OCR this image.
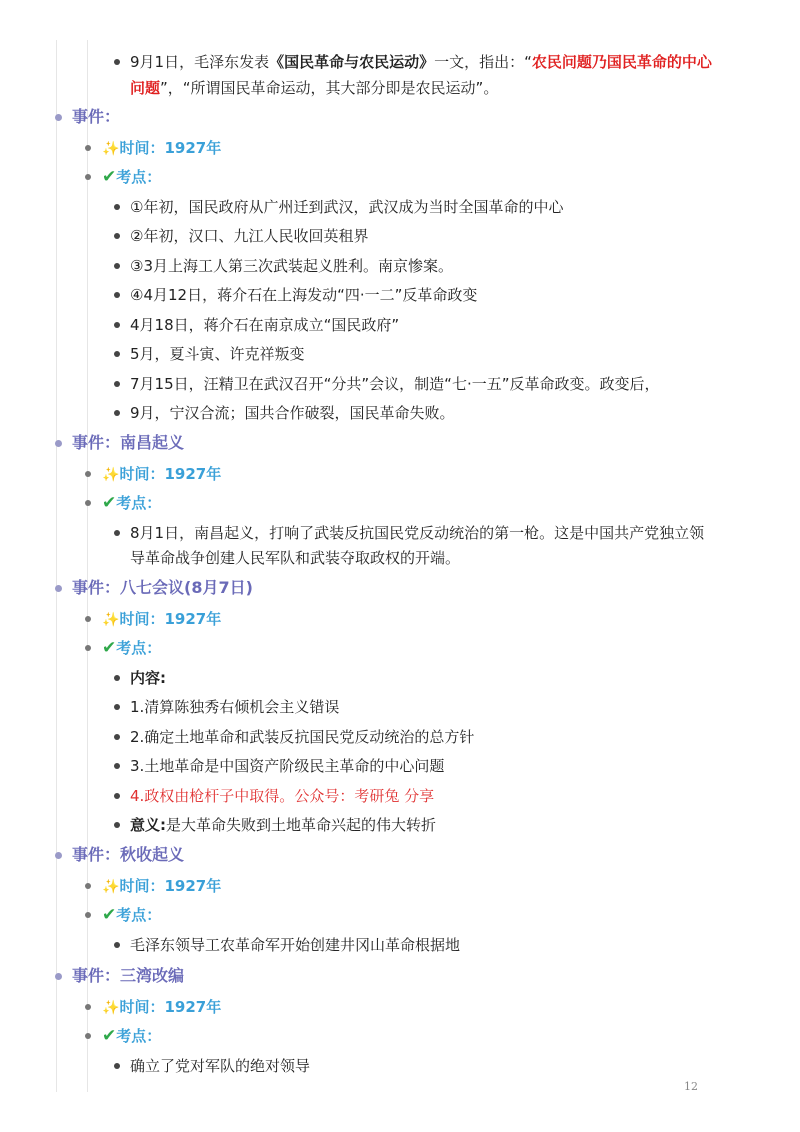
9月1日，毛泽东发表《国民革命与农民运动》一文，指出：“农民问题乃国民革命的中心
问题”，“所谓国民革命运动，其大部分即是农民运动”。
事件：
✨时间：1927年
✔考点：
①年初，国民政府从广州迁到武汉，武汉成为当时全国革命的中心
②年初，汉口、九江人民收回英租界
③3月上海工人第三次武装起义胜利。南京惨案。
④4月12日，蒋介石在上海发动“四·一二”反革命政变
4月18日，蒋介石在南京成立“国民政府”
5月，夏斗寅、许克祥叛变
7月15日，汪精卫在武汉召开“分共”会议，制造“七·一五”反革命政变。政变后，
9月，宁汉合流；国共合作破裂，国民革命失败。
事件：南昌起义
✨时间：1927年
✔考点：
8月1日，南昌起义，打响了武装反抗国民党反动统治的第一枪。这是中国共产党独立领
导革命战争创建人民军队和武装夺取政权的开端。
事件：八七会议(8月7日)
✨时间：1927年
✔考点：
内容:
1.清算陈独秀右倾机会主义错误
2.确定土地革命和武装反抗国民党反动统治的总方针
3.土地革命是中国资产阶级民主革命的中心问题
4.政权由枪杆子中取得。公众号：考研兔 分享
意义:是大革命失败到土地革命兴起的伟大转折
事件：秋收起义
✨时间：1927年
✔考点：
毛泽东领导工农革命军开始创建井冈山革命根据地
事件：三湾改编
✨时间：1927年
✔考点：
确立了党对军队的绝对领导
12
